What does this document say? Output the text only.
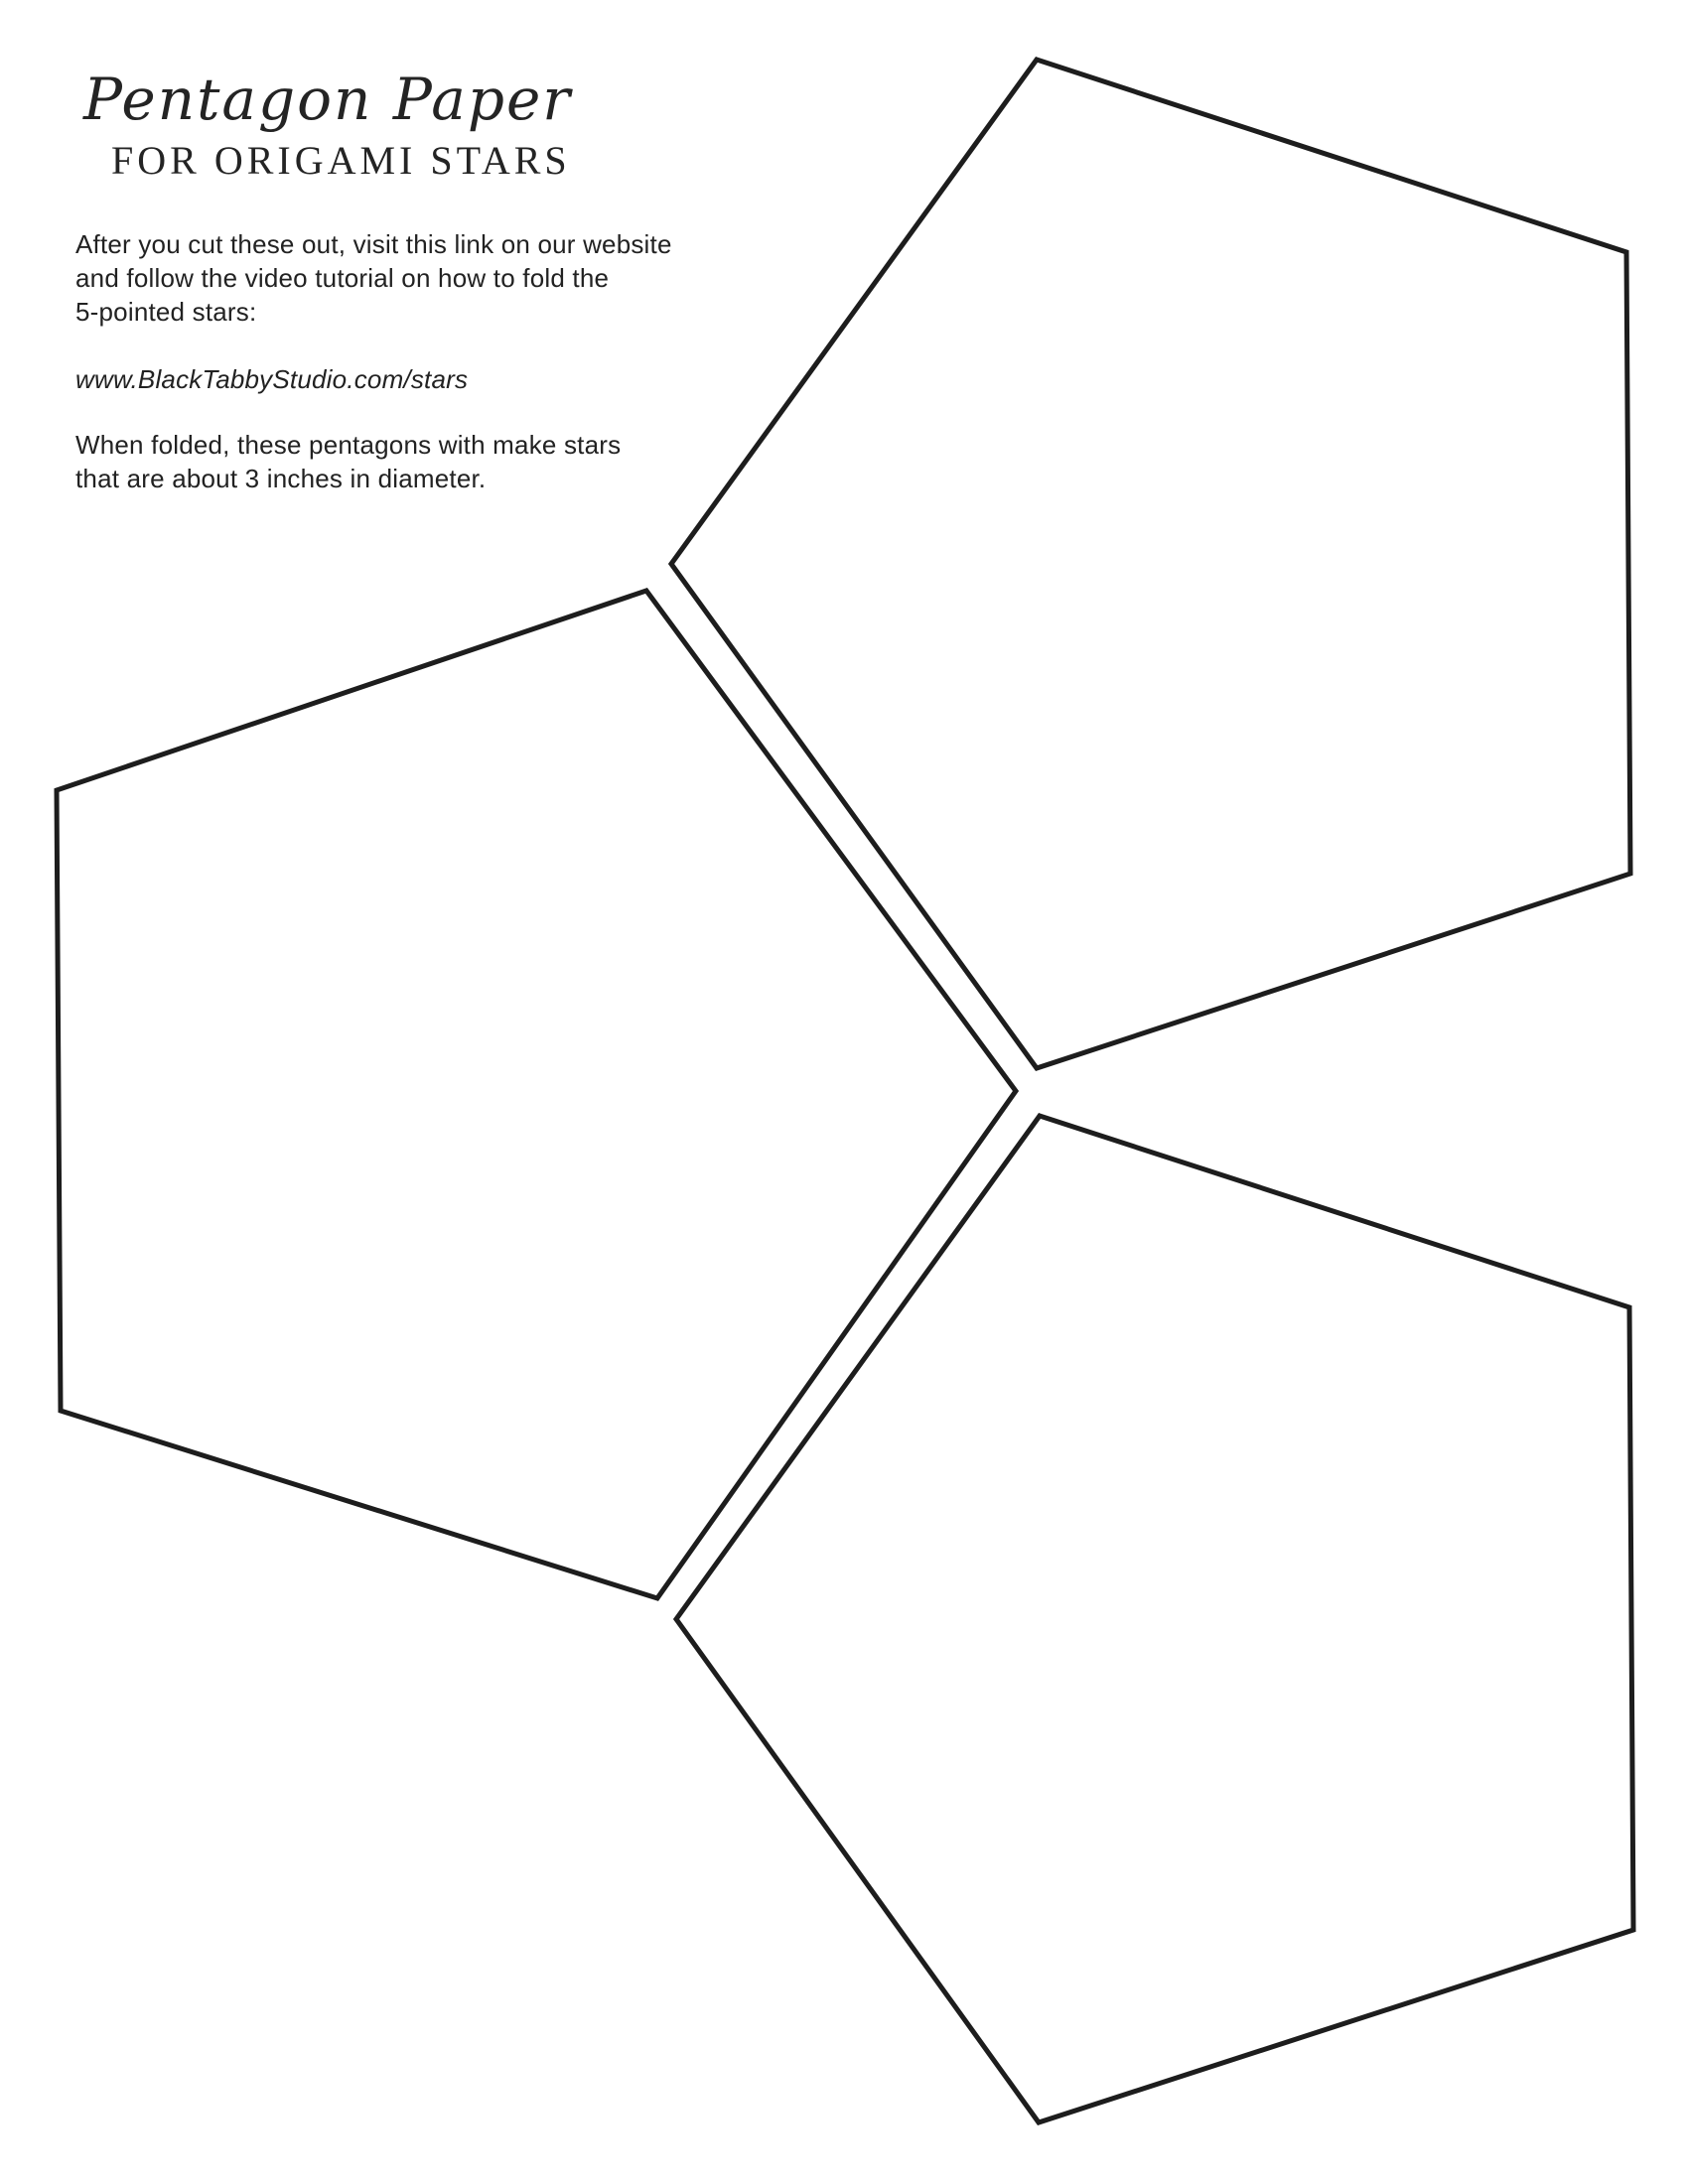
Pentagon Paper
FOR ORIGAMI STARS
After you cut these out, visit this link on our website
and follow the video tutorial on how to fold the
5-pointed stars:
www.BlackTabbyStudio.com/stars
When folded, these pentagons with make stars
that are about 3 inches in diameter.
